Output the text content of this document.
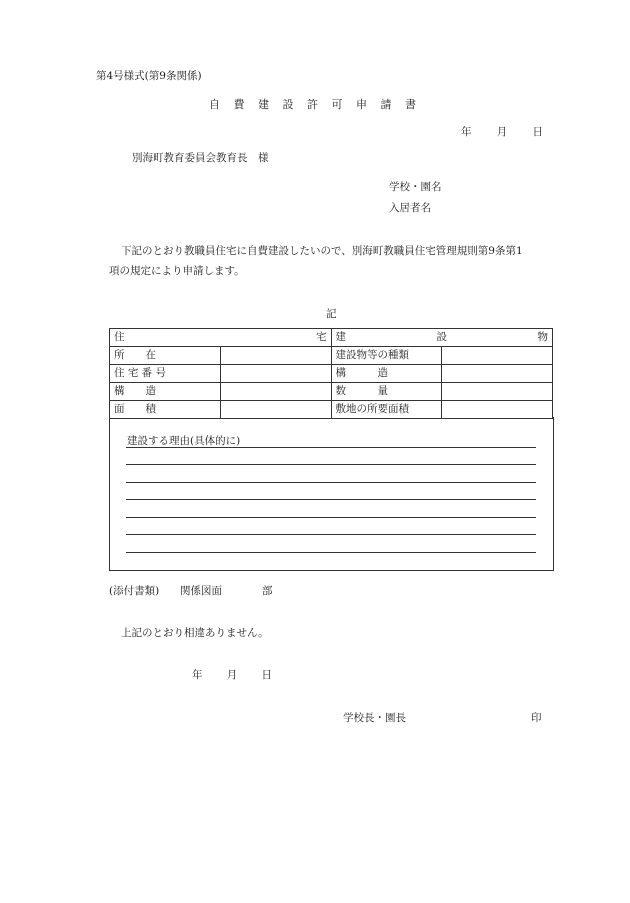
第4号様式(第9条関係)
自 費 建 設 許 可 申 請 書
年 月 日
別海町教育委員会教育長　様
学校・園名
入居者名
下記のとおり教職員住宅に自費建設したいので、別海町教職員住宅管理規則第9条第1
項の規定により申請します。
記
住 宅		建 設 物	

所　　在		建設物等の種類	
住 宅 番 号		構　　　造	
構　　造		数　　　量	
面　　積		敷地の所要面積	
建設する理由(具体的に)
(添付書類) 関係図面	部
上記のとおり相違ありません。
年 月 日
学校長・園長	印
